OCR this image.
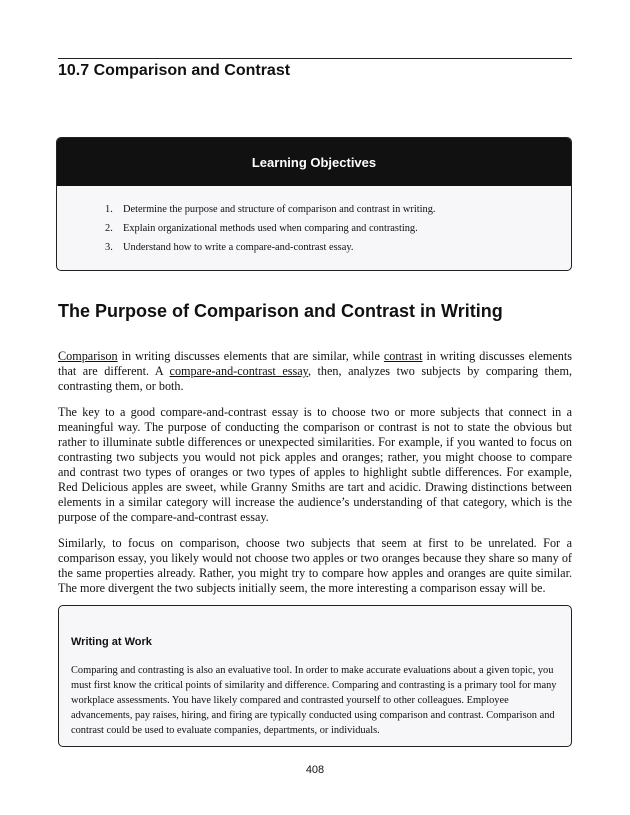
10.7 Comparison and Contrast
Learning Objectives
1. Determine the purpose and structure of comparison and contrast in writing.
2. Explain organizational methods used when comparing and contrasting.
3. Understand how to write a compare-and-contrast essay.
The Purpose of Comparison and Contrast in Writing

Comparison in writing discusses elements that are similar, while contrast in writing discusses elements that are different. A compare-and-contrast essay, then, analyzes two subjects by comparing them, contrasting them, or both.

The key to a good compare-and-contrast essay is to choose two or more subjects that connect in a meaningful way. The purpose of conducting the comparison or contrast is not to state the obvious but rather to illuminate subtle differences or unexpected similarities. For example, if you wanted to focus on contrasting two subjects you would not pick apples and oranges; rather, you might choose to compare and contrast two types of oranges or two types of apples to highlight subtle differences. For example, Red Delicious apples are sweet, while Granny Smiths are tart and acidic. Drawing distinctions between elements in a similar category will increase the audience’s understanding of that category, which is the purpose of the compare-and-contrast essay.

Similarly, to focus on comparison, choose two subjects that seem at first to be unrelated. For a comparison essay, you likely would not choose two apples or two oranges because they share so many of the same properties already. Rather, you might try to compare how apples and oranges are quite similar. The more divergent the two subjects initially seem, the more interesting a comparison essay will be.

Writing at Work

Comparing and contrasting is also an evaluative tool. In order to make accurate evaluations about a given topic, you must first know the critical points of similarity and difference. Comparing and contrasting is a primary tool for many workplace assessments. You have likely compared and contrasted yourself to other colleagues. Employee advancements, pay raises, hiring, and firing are typically conducted using comparison and contrast. Comparison and contrast could be used to evaluate companies, departments, or individuals.

408
